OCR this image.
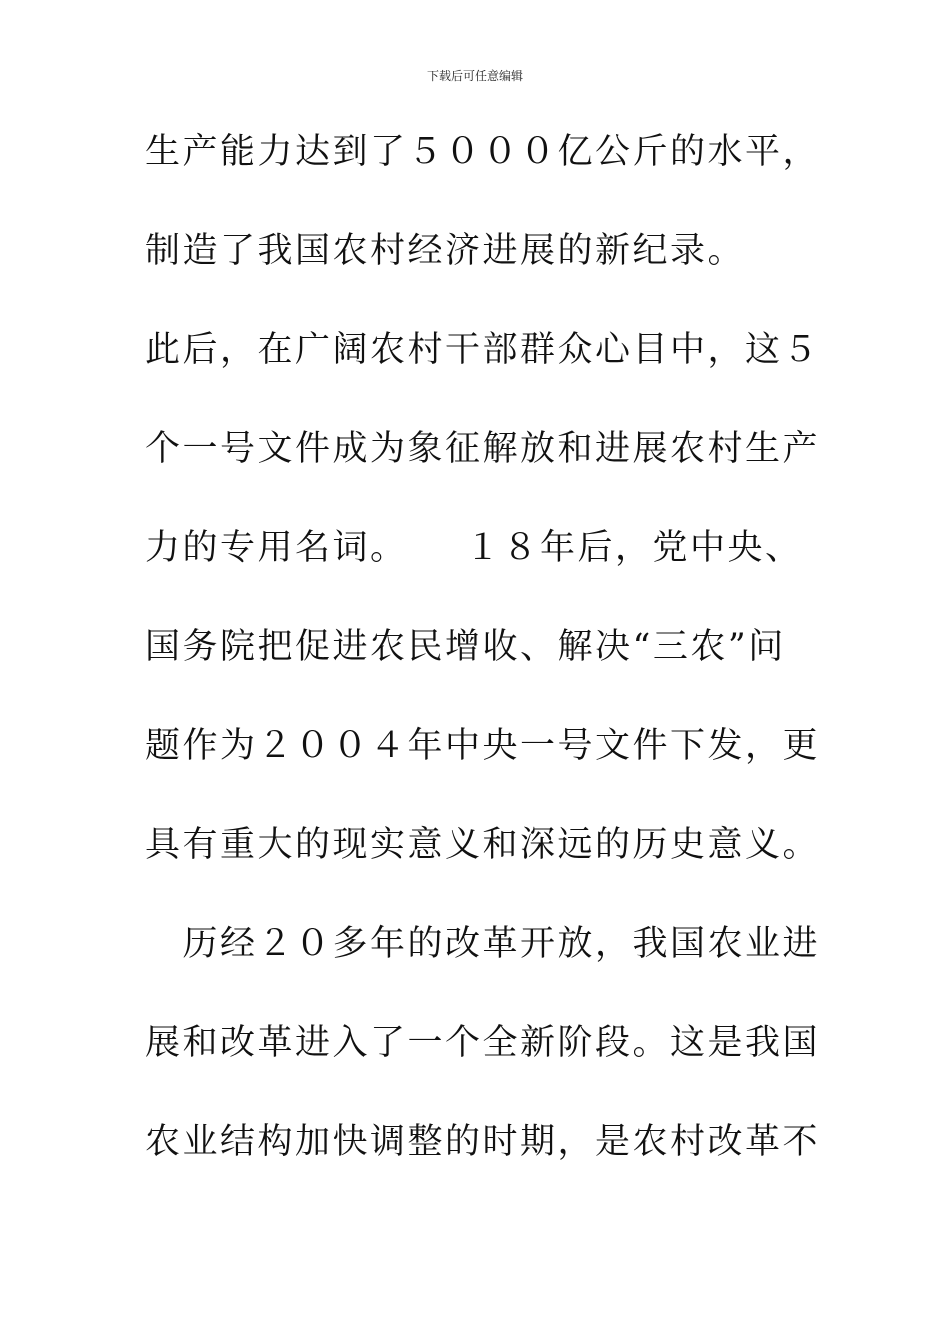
下载后可任意编辑
生产能力达到了５０００亿公斤的水平，
制造了我国农村经济进展的新纪录。
此后，在广阔农村干部群众心目中，这５
个一号文件成为象征解放和进展农村生产
力的专用名词。　　１８年后，党中央、
国务院把促进农民增收、解决“三农”问
题作为２００４年中央一号文件下发，更
具有重大的现实意义和深远的历史意义。
　历经２０多年的改革开放，我国农业进
展和改革进入了一个全新阶段。这是我国
农业结构加快调整的时期，是农村改革不
